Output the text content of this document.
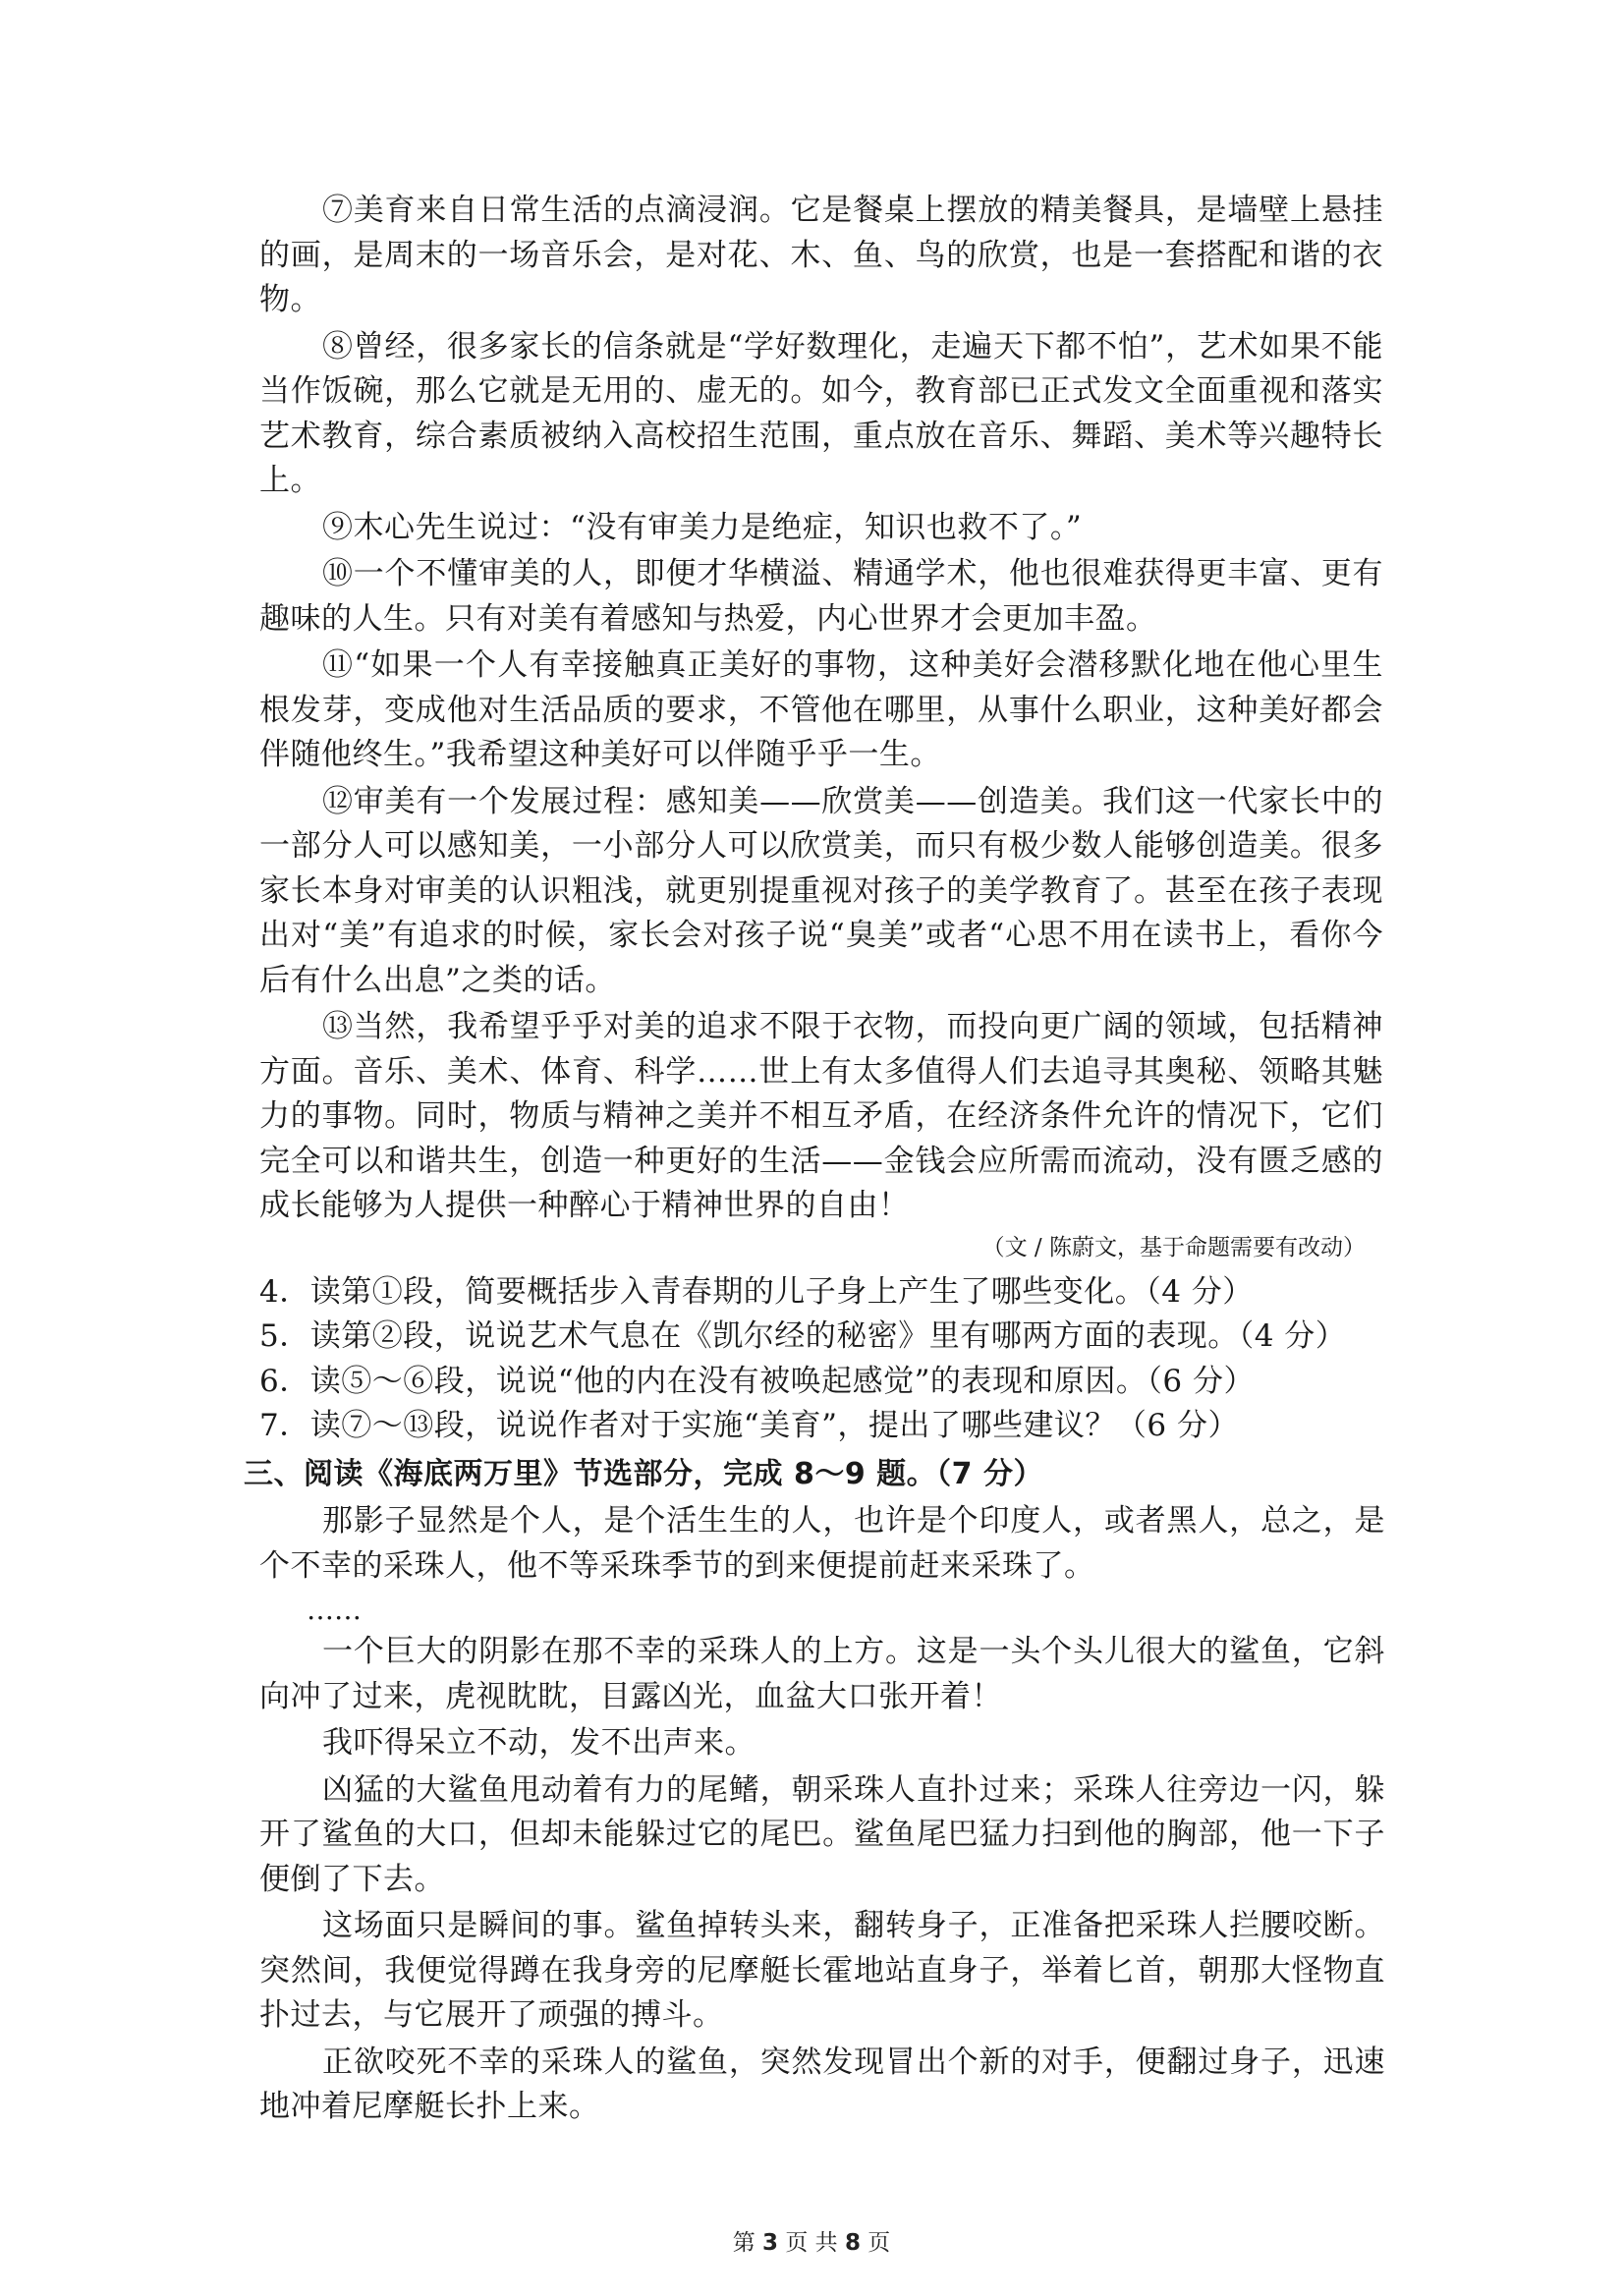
⑦美育来自日常生活的点滴浸润。它是餐桌上摆放的精美餐具，是墙壁上悬挂的画，是周末的一场音乐会，是对花、木、鱼、鸟的欣赏，也是一套搭配和谐的衣物。

⑧曾经，很多家长的信条就是“学好数理化，走遍天下都不怕”，艺术如果不能当作饭碗，那么它就是无用的、虚无的。如今，教育部已正式发文全面重视和落实艺术教育，综合素质被纳入高校招生范围，重点放在音乐、舞蹈、美术等兴趣特长上。

⑨木心先生说过：“没有审美力是绝症，知识也救不了。”

⑩一个不懂审美的人，即便才华横溢、精通学术，他也很难获得更丰富、更有趣味的人生。只有对美有着感知与热爱，内心世界才会更加丰盈。

⑪“如果一个人有幸接触真正美好的事物，这种美好会潜移默化地在他心里生根发芽，变成他对生活品质的要求，不管他在哪里，从事什么职业，这种美好都会伴随他终生。”我希望这种美好可以伴随乎乎一生。

⑫审美有一个发展过程：感知美——欣赏美——创造美。我们这一代家长中的一部分人可以感知美，一小部分人可以欣赏美，而只有极少数人能够创造美。很多家长本身对审美的认识粗浅，就更别提重视对孩子的美学教育了。甚至在孩子表现出对“美”有追求的时候，家长会对孩子说“臭美”或者“心思不用在读书上，看你今后有什么出息”之类的话。

⑬当然，我希望乎乎对美的追求不限于衣物，而投向更广阔的领域，包括精神方面。音乐、美术、体育、科学……世上有太多值得人们去追寻其奥秘、领略其魅力的事物。同时，物质与精神之美并不相互矛盾，在经济条件允许的情况下，它们完全可以和谐共生，创造一种更好的生活——金钱会应所需而流动，没有匮乏感的成长能够为人提供一种醉心于精神世界的自由！

（文 / 陈蔚文，基于命题需要有改动）

4．读第①段，简要概括步入青春期的儿子身上产生了哪些变化。（4 分）

5．读第②段，说说艺术气息在《凯尔经的秘密》里有哪两方面的表现。（4 分）

6．读⑤～⑥段，说说“他的内在没有被唤起感觉”的表现和原因。（6 分）

7．读⑦～⑬段，说说作者对于实施“美育”，提出了哪些建议？（6 分）

三、阅读《海底两万里》节选部分，完成 8～9 题。（7 分）

那影子显然是个人，是个活生生的人，也许是个印度人，或者黑人，总之，是个不幸的采珠人，他不等采珠季节的到来便提前赶来采珠了。

……

一个巨大的阴影在那不幸的采珠人的上方。这是一头个头儿很大的鲨鱼，它斜向冲了过来，虎视眈眈，目露凶光，血盆大口张开着！

我吓得呆立不动，发不出声来。

凶猛的大鲨鱼甩动着有力的尾鳍，朝采珠人直扑过来；采珠人往旁边一闪，躲开了鲨鱼的大口，但却未能躲过它的尾巴。鲨鱼尾巴猛力扫到他的胸部，他一下子便倒了下去。

这场面只是瞬间的事。鲨鱼掉转头来，翻转身子，正准备把采珠人拦腰咬断。突然间，我便觉得蹲在我身旁的尼摩艇长霍地站直身子，举着匕首，朝那大怪物直扑过去，与它展开了顽强的搏斗。

正欲咬死不幸的采珠人的鲨鱼，突然发现冒出个新的对手，便翻过身子，迅速地冲着尼摩艇长扑上来。

第 3 页 共 8 页
